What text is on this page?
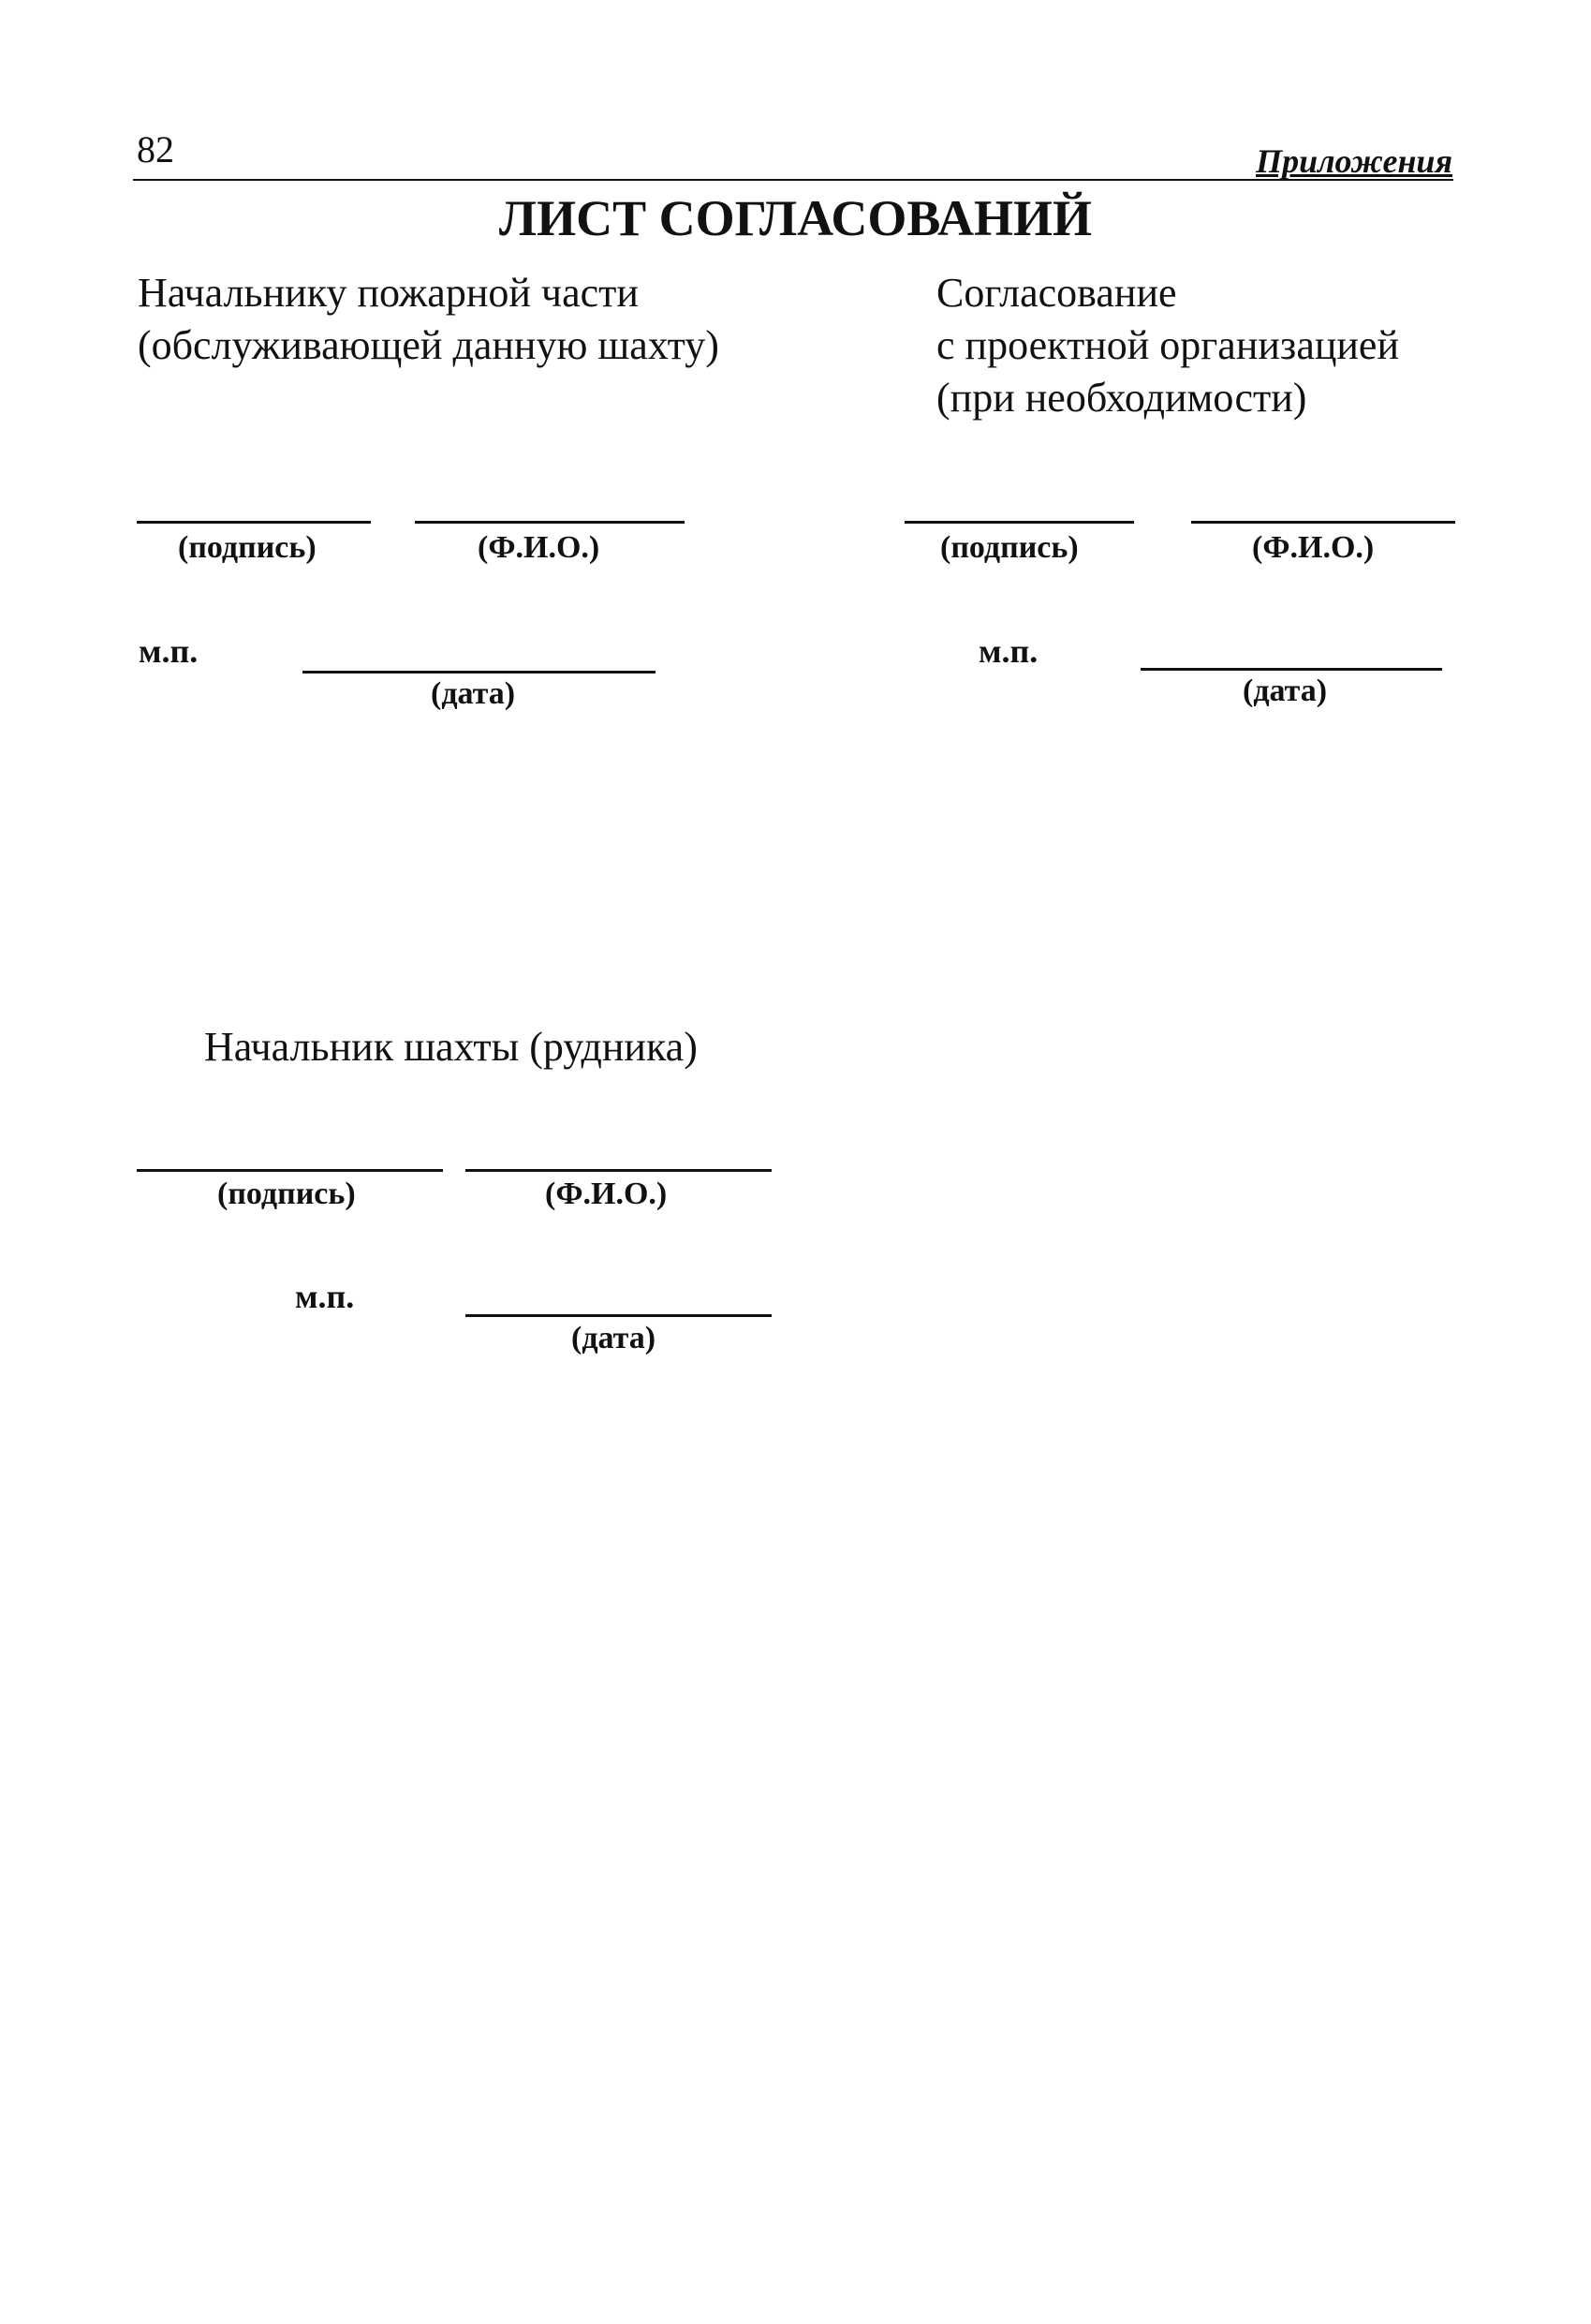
82	Приложения
ЛИСТ СОГЛАСОВАНИЙ
Начальнику пожарной части
(обслуживающей данную шахту)
(подпись)	(Ф.И.О.)
м.п.
(дата)
Согласование
с проектной организацией
(при необходимости)
(подпись)	(Ф.И.О.)
м.п.
(дата)
Начальник шахты (рудника)
(подпись)	(Ф.И.О.)
м.п.
(дата)
